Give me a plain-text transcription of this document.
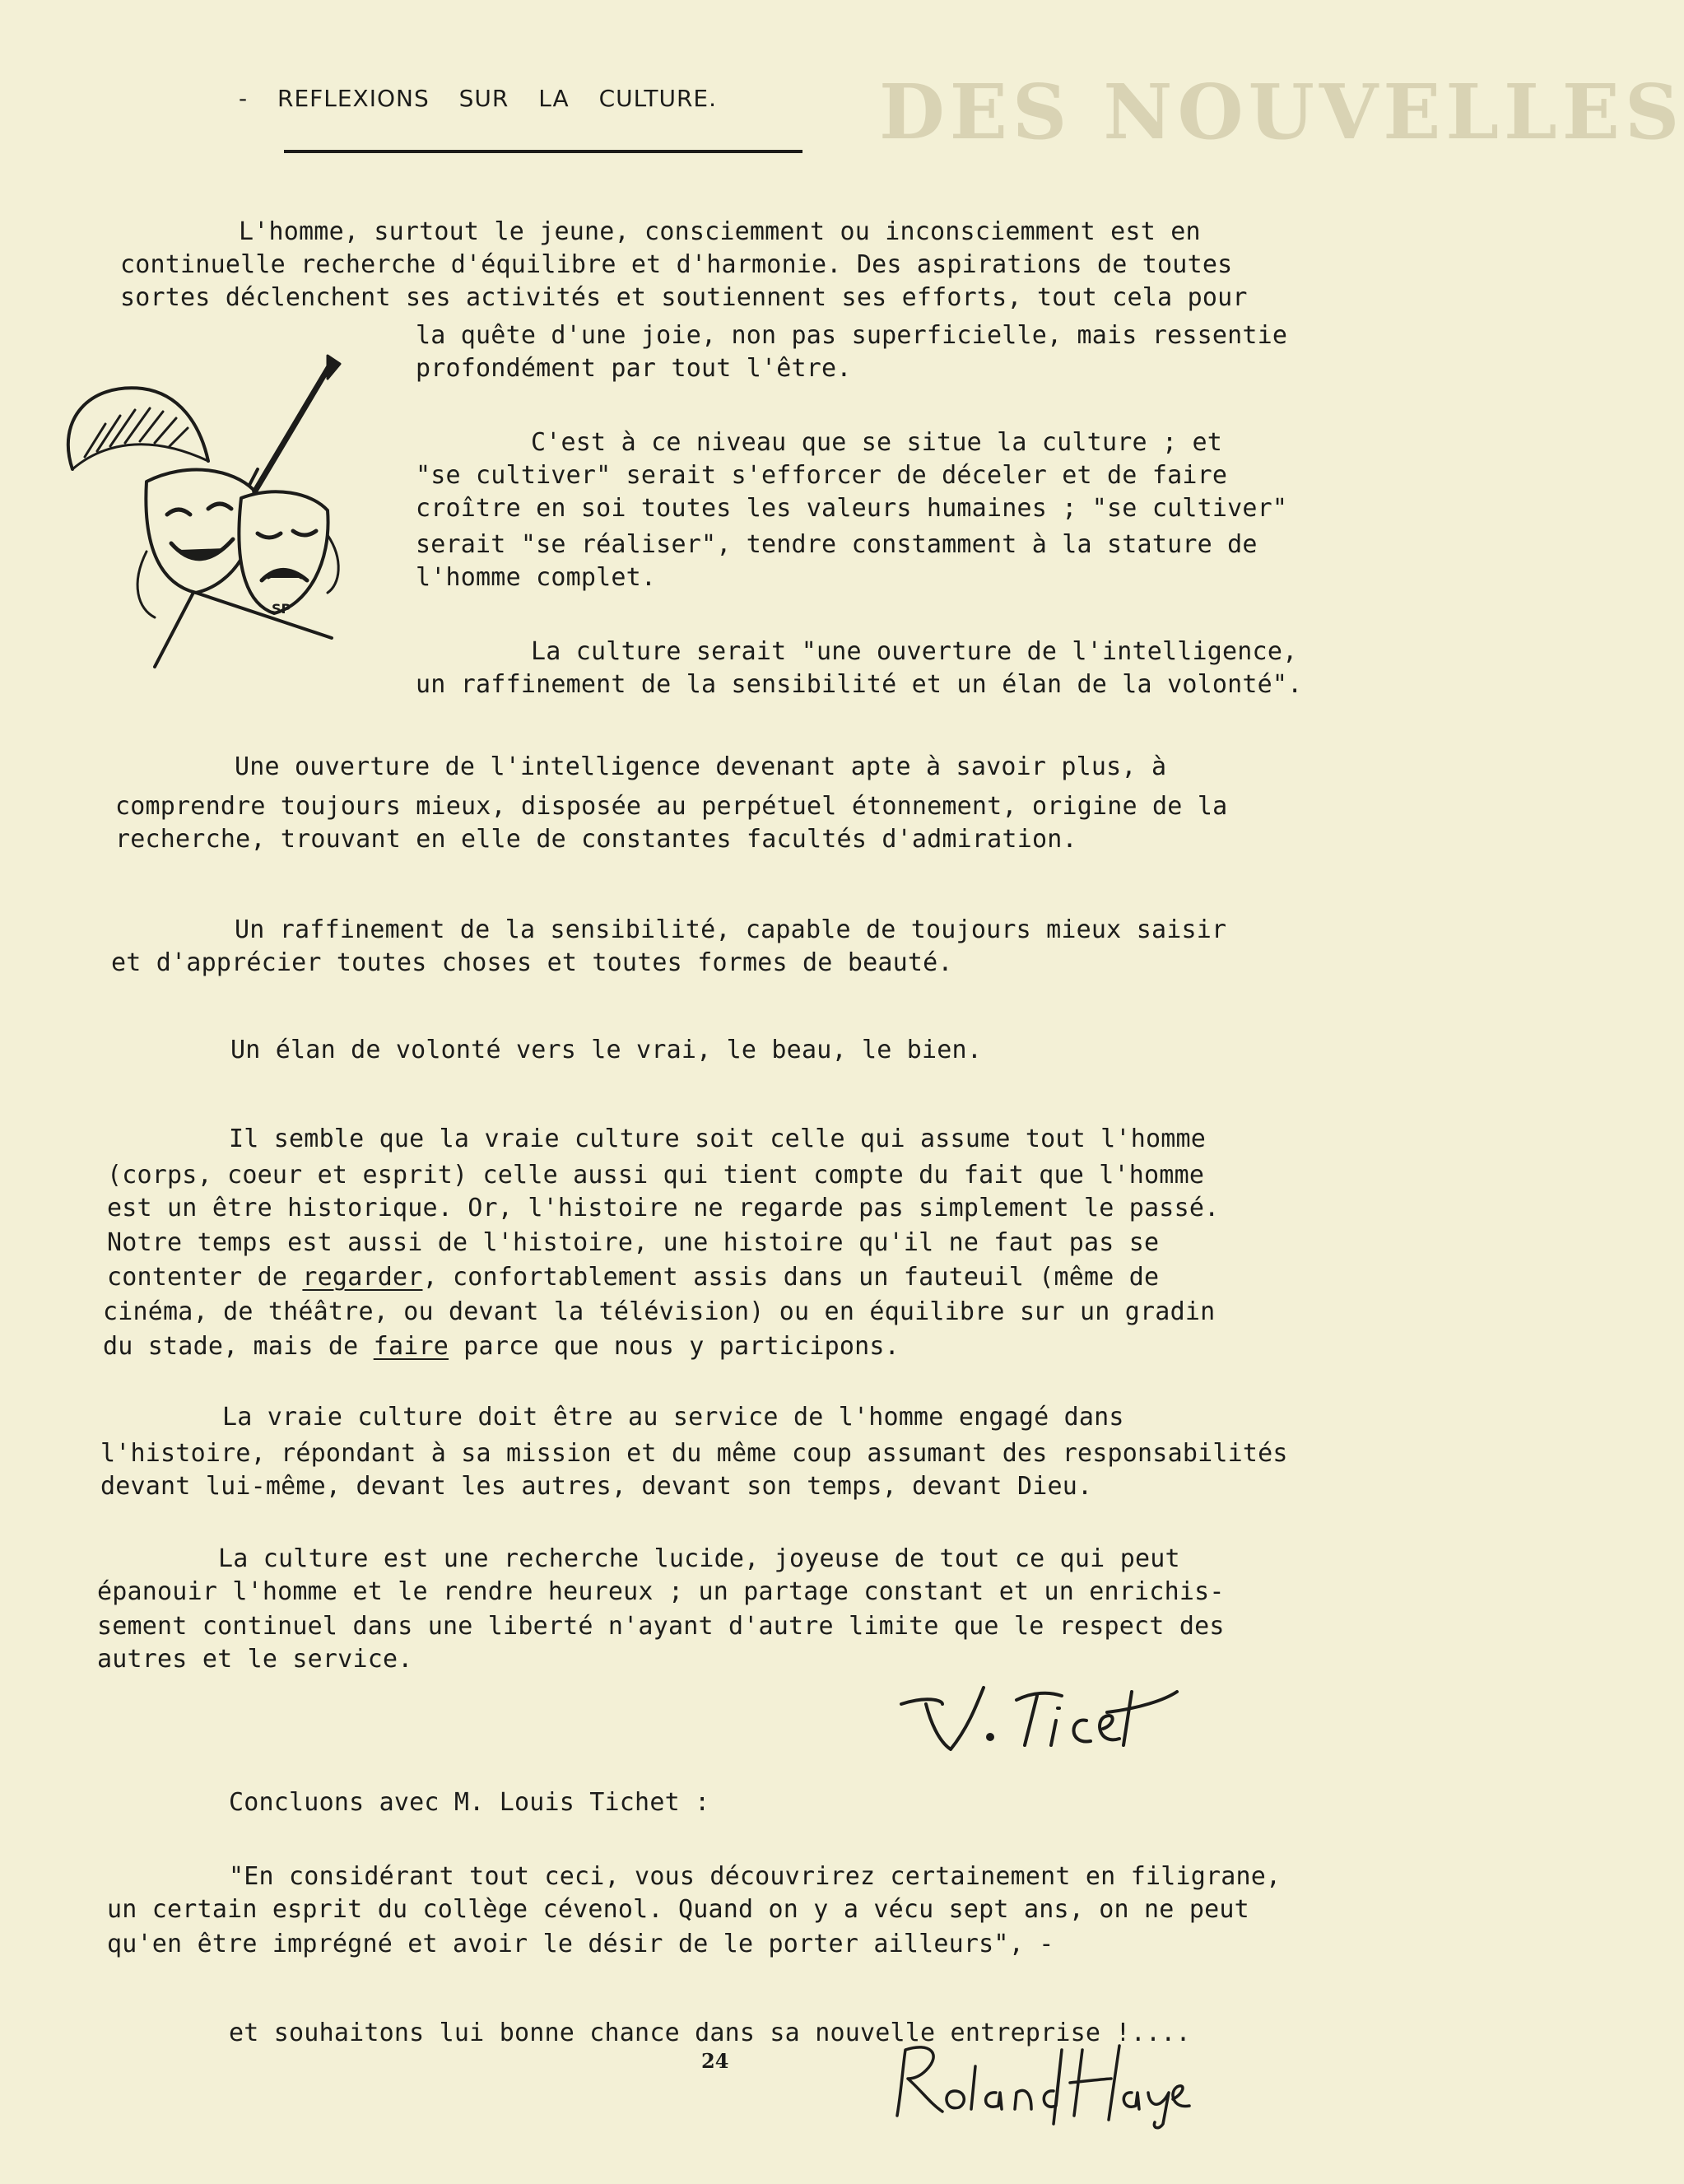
DES NOUVELLES
- REFLEXIONS SUR LA CULTURE.
SP
L'homme, surtout le jeune, consciemment ou inconsciemment est en
continuelle recherche d'équilibre et d'harmonie. Des aspirations de toutes
sortes déclenchent ses activités et soutiennent ses efforts, tout cela pour
la quête d'une joie, non pas superficielle, mais ressentie
profondément par tout l'être.
C'est à ce niveau que se situe la culture ; et
"se cultiver" serait s'efforcer de déceler et de faire
croître en soi toutes les valeurs humaines ; "se cultiver"
serait "se réaliser", tendre constamment à la stature de
l'homme complet.
La culture serait "une ouverture de l'intelligence,
un raffinement de la sensibilité et un élan de la volonté".
Une ouverture de l'intelligence devenant apte à savoir plus, à
comprendre toujours mieux, disposée au perpétuel étonnement, origine de la
recherche, trouvant en elle de constantes facultés d'admiration.
Un raffinement de la sensibilité, capable de toujours mieux saisir
et d'apprécier toutes choses et toutes formes de beauté.
Un élan de volonté vers le vrai, le beau, le bien.
Il semble que la vraie culture soit celle qui assume tout l'homme
(corps, coeur et esprit) celle aussi qui tient compte du fait que l'homme
est un être historique. Or, l'histoire ne regarde pas simplement le passé.
Notre temps est aussi de l'histoire, une histoire qu'il ne faut pas se
contenter de regarder, confortablement assis dans un fauteuil (même de
cinéma, de théâtre, ou devant la télévision) ou en équilibre sur un gradin
du stade, mais de faire parce que nous y participons.
La vraie culture doit être au service de l'homme engagé dans
l'histoire, répondant à sa mission et du même coup assumant des responsabilités
devant lui-même, devant les autres, devant son temps, devant Dieu.
La culture est une recherche lucide, joyeuse de tout ce qui peut
épanouir l'homme et le rendre heureux ; un partage constant et un enrichis-
sement continuel dans une liberté n'ayant d'autre limite que le respect des
autres et le service.
Concluons avec M. Louis Tichet :
"En considérant tout ceci, vous découvrirez certainement en filigrane,
un certain esprit du collège cévenol. Quand on y a vécu sept ans, on ne peut
qu'en être imprégné et avoir le désir de le porter ailleurs", -
et souhaitons lui bonne chance dans sa nouvelle entreprise !....
24
